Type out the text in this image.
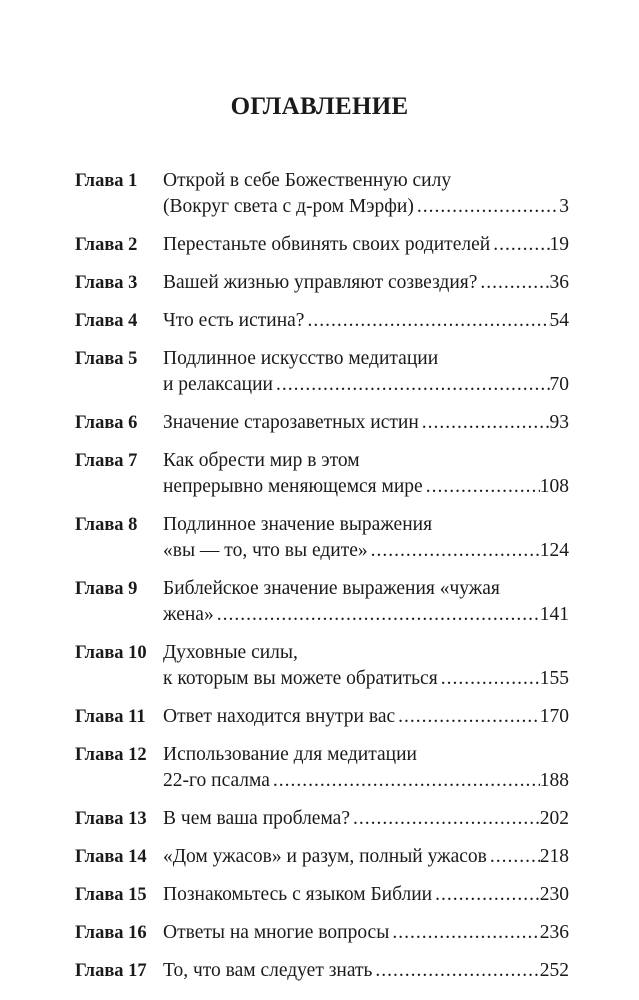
ОГЛАВЛЕНИЕ
Глава 1	Открой в себе Божественную силу
(Вокруг света с д-ром Мэрфи) .....	3
Глава 2	Перестаньте обвинять своих родителей .....	19
Глава 3	Вашей жизнью управляют созвездия? .....	36
Глава 4	Что есть истина? .....	54
Глава 5	Подлинное искусство медитации
и релаксации .....	70
Глава 6	Значение старозаветных истин .....	93
Глава 7	Как обрести мир в этом
непрерывно меняющемся мире .....	108
Глава 8	Подлинное значение выражения
«вы — то, что вы едите» .....	124
Глава 9	Библейское значение выражения «чужая
жена» .....	141
Глава 10 Духовные силы,
к которым вы можете обратиться .....	155
Глава 11 Ответ находится внутри вас .....	170
Глава 12 Использование для медитации
22-го псалма .....	188
Глава 13 В чем ваша проблема? .....	202
Глава 14 «Дом ужасов» и разум, полный ужасов .....	218
Глава 15 Познакомьтесь с языком Библии .....	230
Глава 16 Ответы на многие вопросы .....	236
Глава 17 То, что вам следует знать .....	252
